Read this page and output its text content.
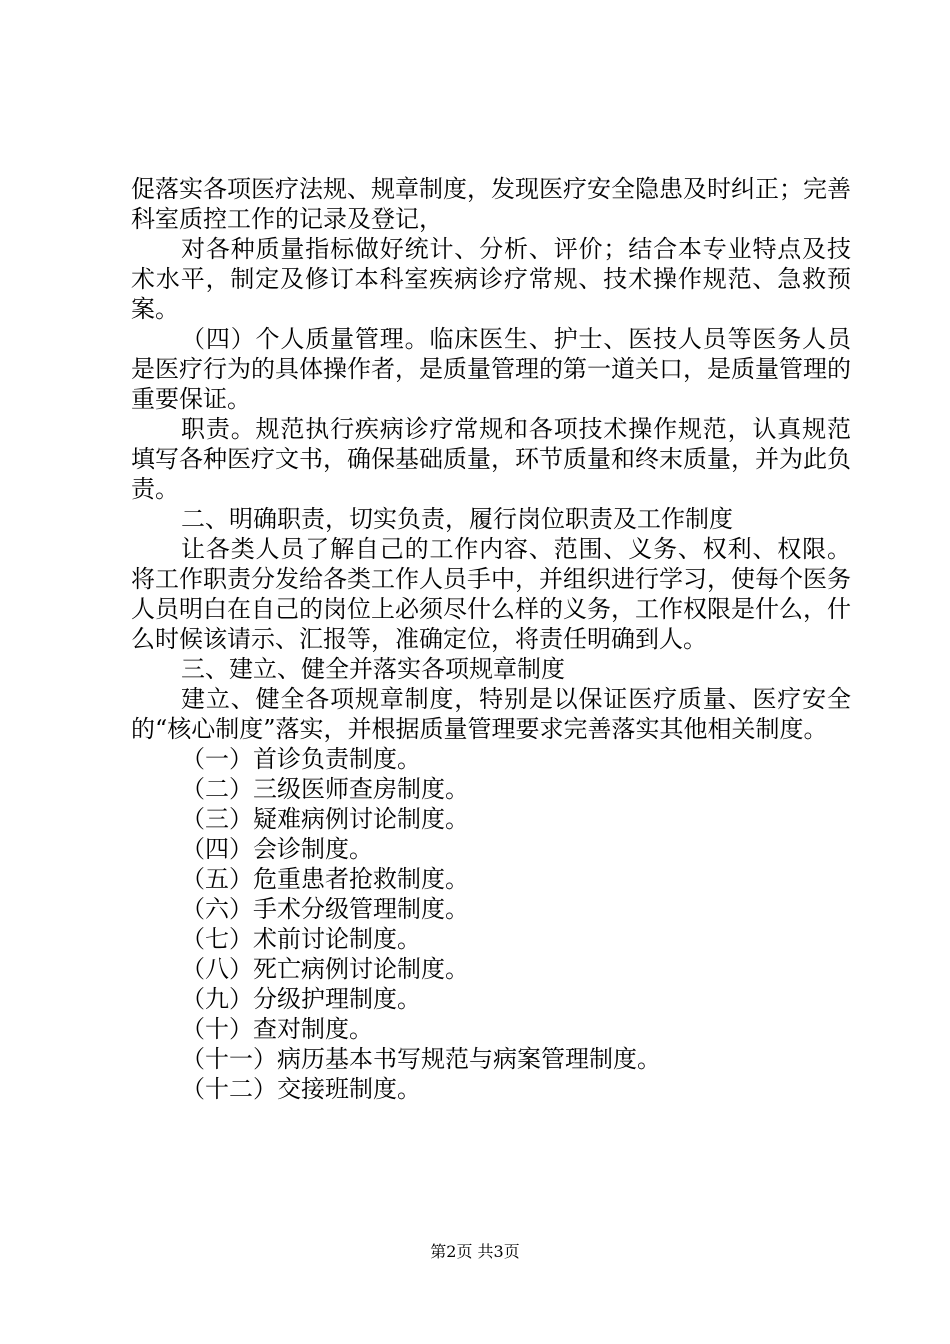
促落实各项医疗法规、规章制度，发现医疗安全隐患及时纠正；完善科室质控工作的记录及登记，

对各种质量指标做好统计、分析、评价；结合本专业特点及技术水平，制定及修订本科室疾病诊疗常规、技术操作规范、急救预案。

（四）个人质量管理。临床医生、护士、医技人员等医务人员是医疗行为的具体操作者，是质量管理的第一道关口，是质量管理的重要保证。

职责。规范执行疾病诊疗常规和各项技术操作规范，认真规范填写各种医疗文书，确保基础质量，环节质量和终末质量，并为此负责。

二、明确职责，切实负责，履行岗位职责及工作制度

让各类人员了解自己的工作内容、范围、义务、权利、权限。将工作职责分发给各类工作人员手中，并组织进行学习，使每个医务人员明白在自己的岗位上必须尽什么样的义务，工作权限是什么，什么时候该请示、汇报等，准确定位，将责任明确到人。

三、建立、健全并落实各项规章制度

建立、健全各项规章制度，特别是以保证医疗质量、医疗安全的“核心制度”落实，并根据质量管理要求完善落实其他相关制度。

（一）首诊负责制度。
（二）三级医师查房制度。
（三）疑难病例讨论制度。
（四）会诊制度。
（五）危重患者抢救制度。
（六）手术分级管理制度。
（七）术前讨论制度。
（八）死亡病例讨论制度。
（九）分级护理制度。
（十）查对制度。
（十一）病历基本书写规范与病案管理制度。
（十二）交接班制度。
第2页 共3页
